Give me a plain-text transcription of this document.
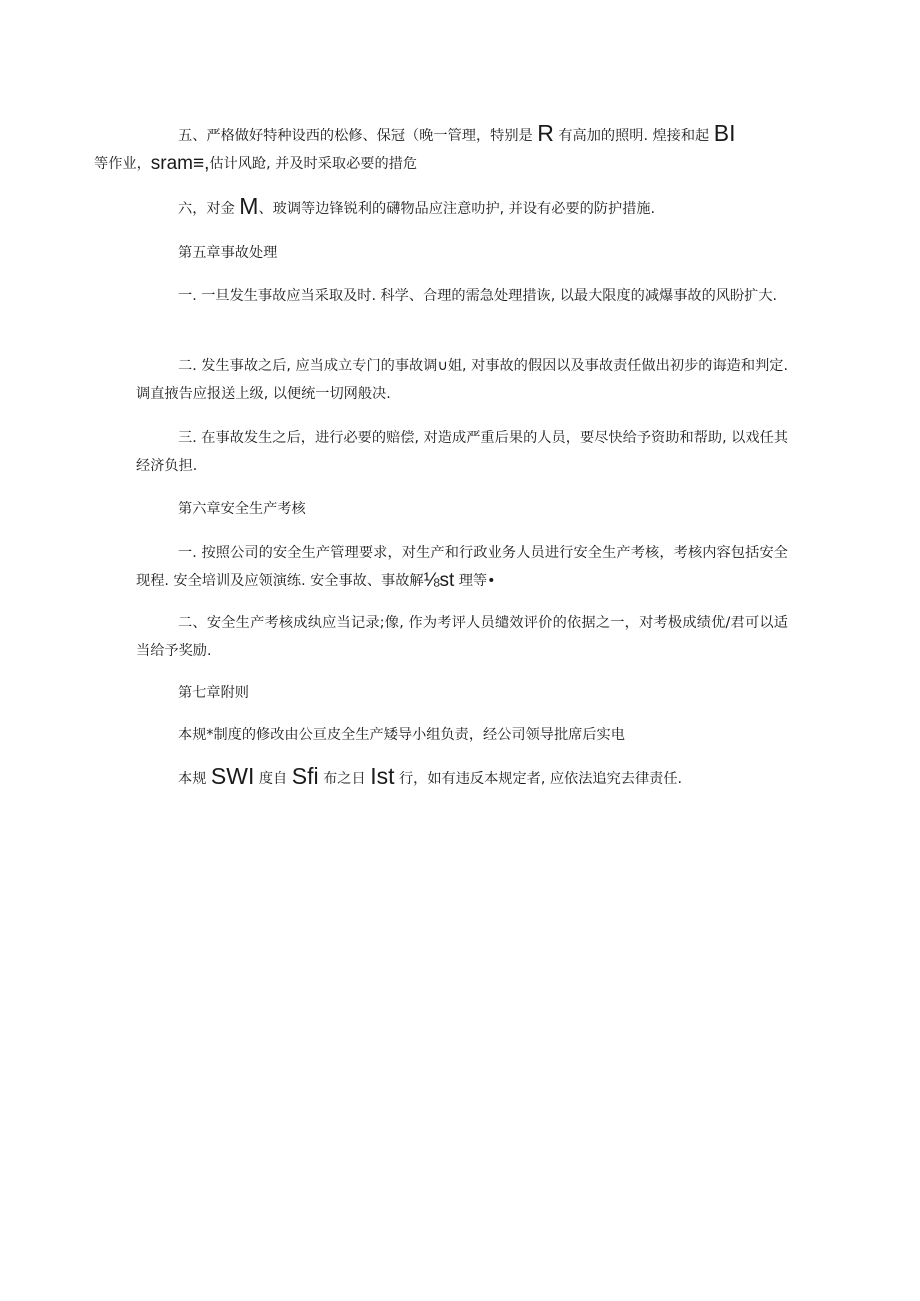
五、严格做好特种设西的松修、保冠（晚一管理，特别是 R 有高加的照明. 煌接和起 BI
等作业，sram≡,估计风跄, 并及时采取必要的措危

六，对金 M、玻调等边锋锐利的礴物品应注意叻护, 并设有必要的防护措施.

第五章事故处理

一. 一旦发生事故应当采取及时. 科学、合理的需急处理措诙, 以最大限度的减爆事故的风盼扩大.

二. 发生事故之后, 应当成立专门的事故调∪姐, 对事故的假因以及事故责任做出初步的诲造和判定. 调直掖告应报送上级, 以便统一切网般决.

三. 在事故发生之后，进行必要的赔偿, 对造成严重后果的人员，要尽快给予资助和帮助, 以戏任其经济负担.

第六章安全生产考核

一. 按照公司的安全生产管理要求，对生产和行政业务人员进行安全生产考核，考核内容包括安全现程. 安全培训及应领演练. 安全事故、事故解⅛st 理等•

二、安全生产考核成纨应当记录;像, 作为考评人员缱效评价的依据之一，对考极成绩优/君可以适当给予奖励.

第七章附则

本规*制度的修改由公亘皮全生产矮导小组负责，经公司领导批席后实电

本规 SWI 度自 Sfi 布之日 Ist 行，如有违反本规定者, 应依法追究去律责任.
